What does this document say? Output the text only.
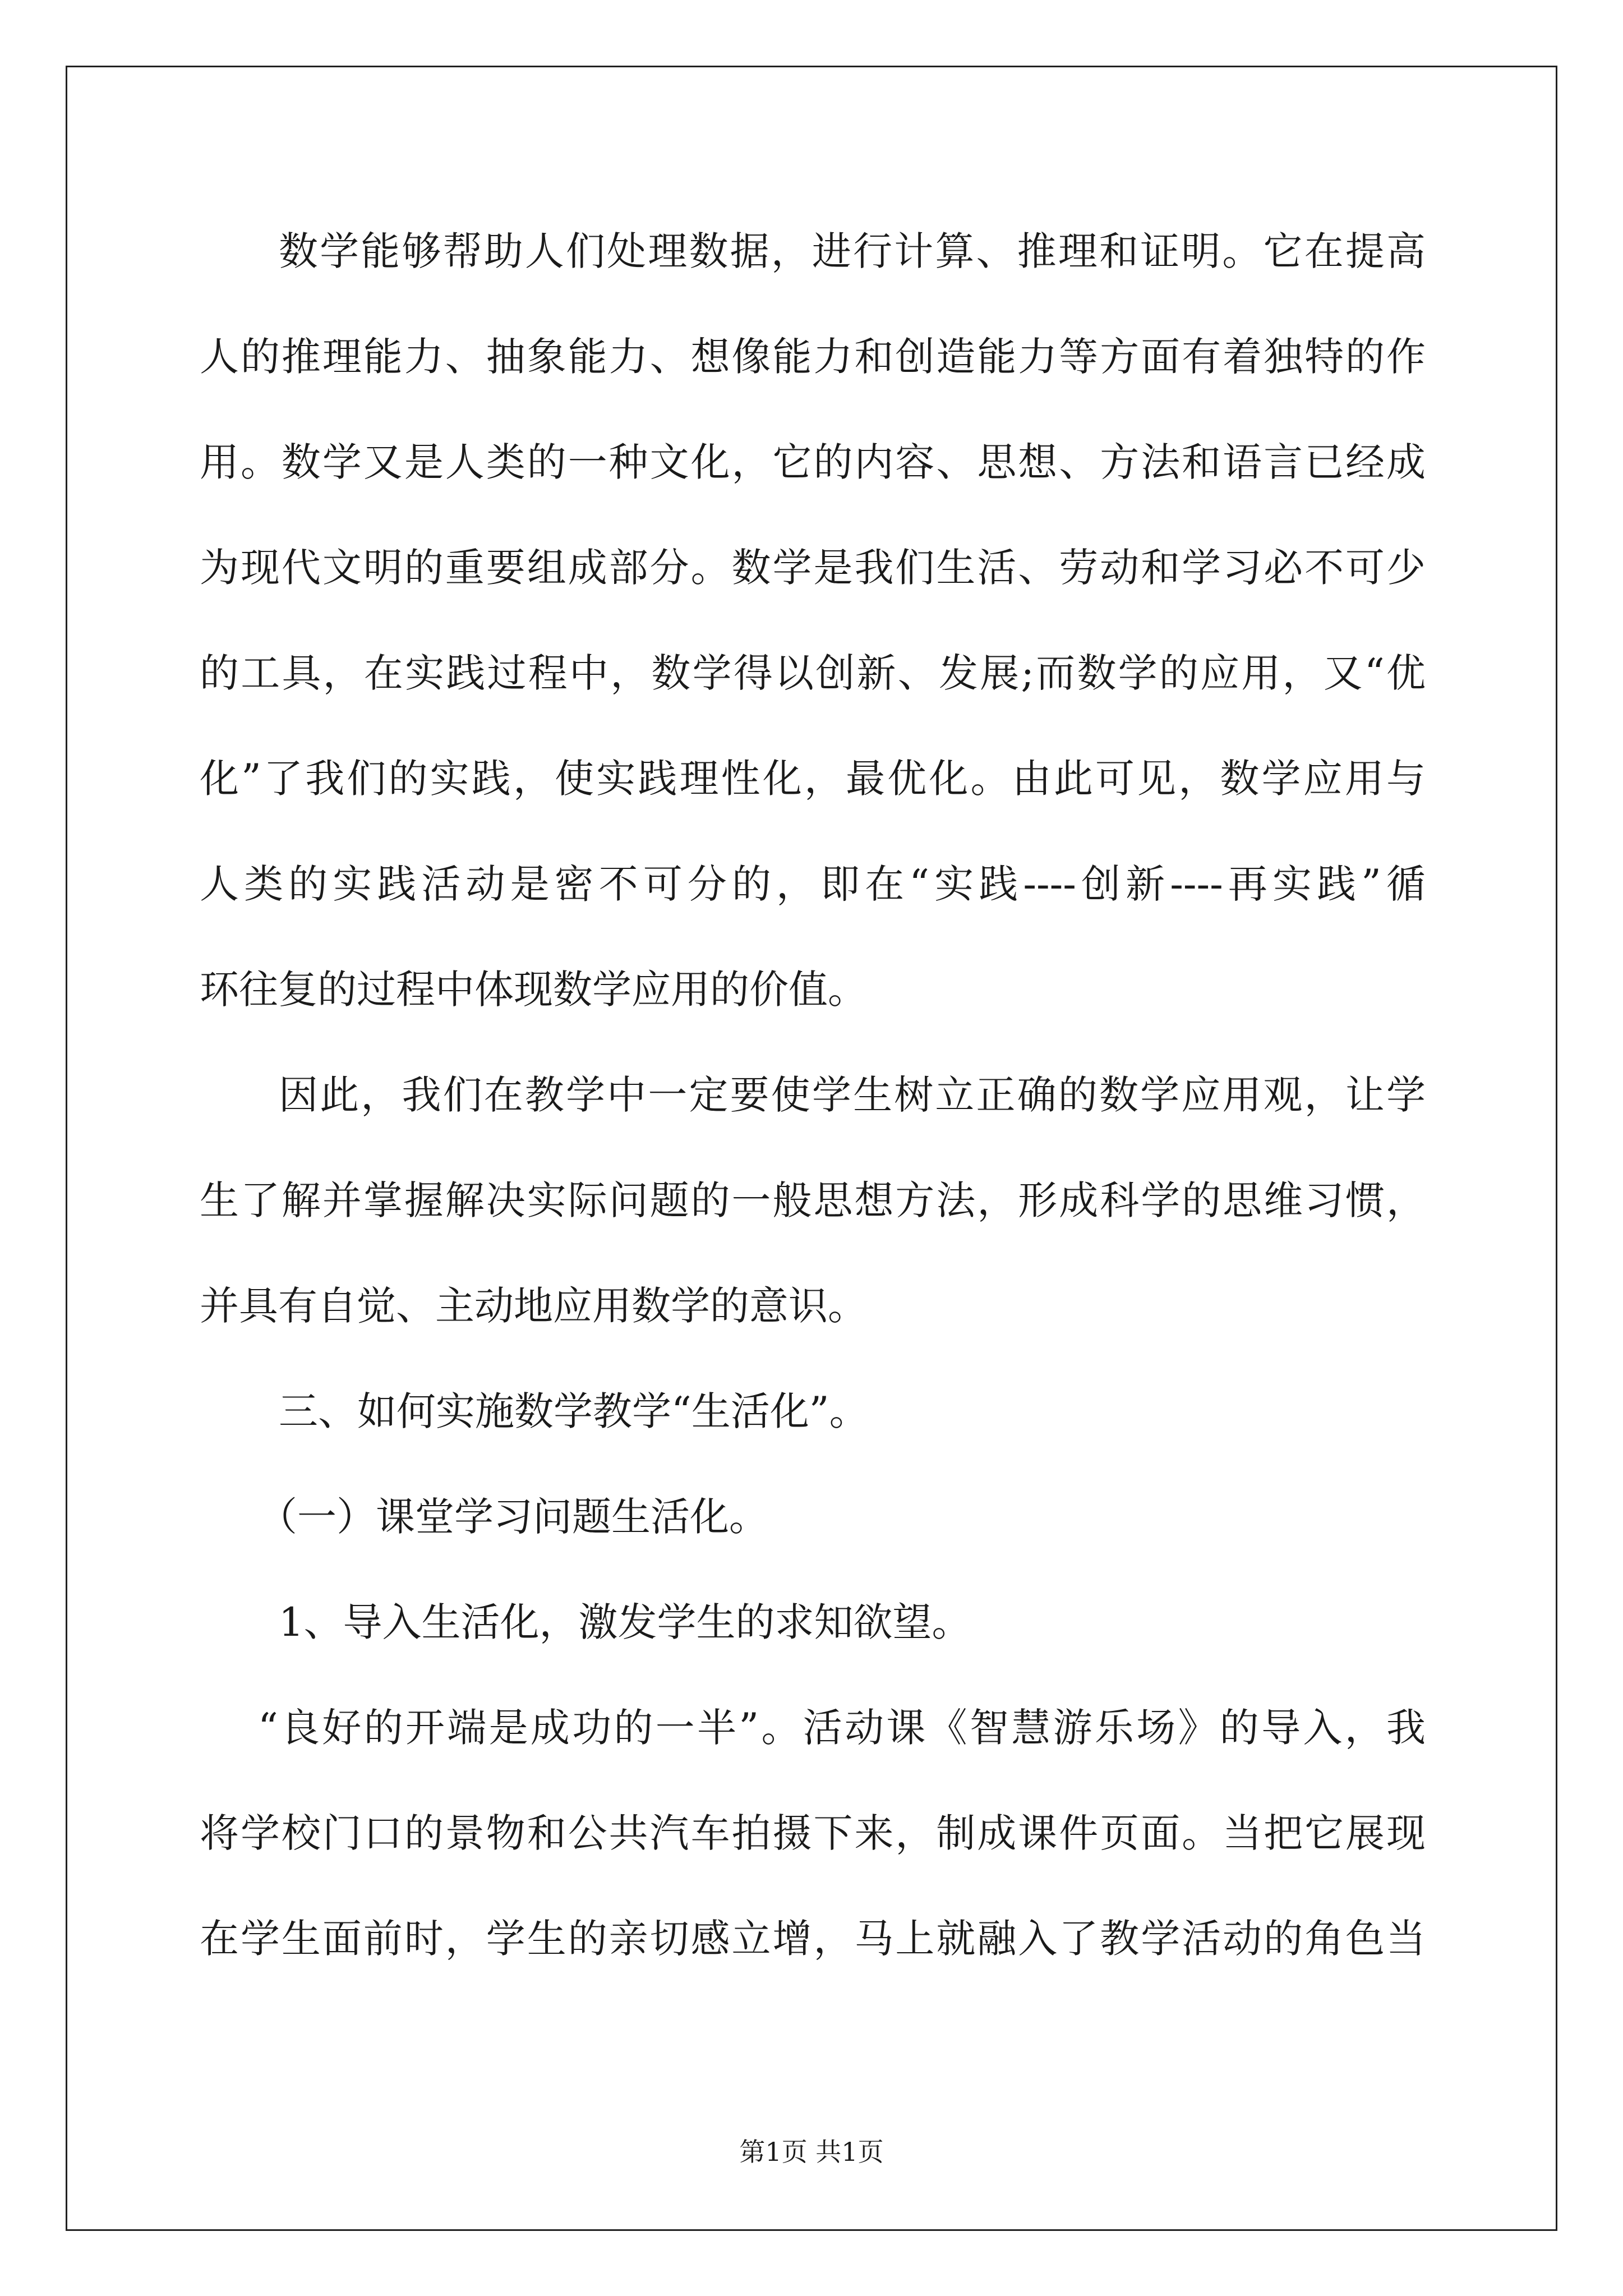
数学能够帮助人们处理数据，进行计算、推理和证明。它在提高
人的推理能力、抽象能力、想像能力和创造能力等方面有着独特的作
用。数学又是人类的一种文化，它的内容、思想、方法和语言已经成
为现代文明的重要组成部分。数学是我们生活、劳动和学习必不可少
的工具，在实践过程中，数学得以创新、发展;而数学的应用，又“优
化”了我们的实践，使实践理性化，最优化。由此可见，数学应用与
人类的实践活动是密不可分的，即在“实践----创新----再实践”循
环往复的过程中体现数学应用的价值。
因此，我们在教学中一定要使学生树立正确的数学应用观，让学
生了解并掌握解决实际问题的一般思想方法，形成科学的思维习惯，
并具有自觉、主动地应用数学的意识。
三、如何实施数学教学“生活化”。
（一）课堂学习问题生活化。
1、导入生活化，激发学生的求知欲望。
“良好的开端是成功的一半”。活动课《智慧游乐场》的导入，我
将学校门口的景物和公共汽车拍摄下来，制成课件页面。当把它展现
在学生面前时，学生的亲切感立增，马上就融入了教学活动的角色当
第1页 共1页
